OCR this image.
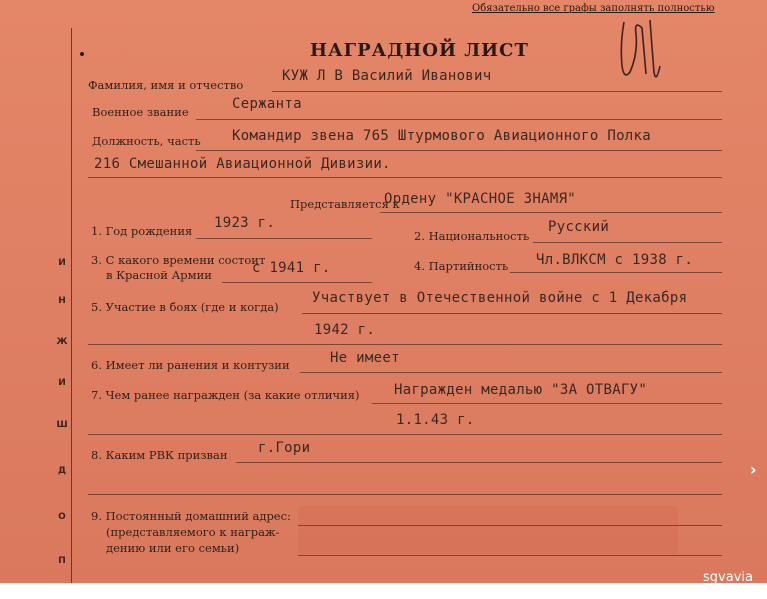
И
Н
Ж
И
Ш
Д
О
П
Обязательно все графы заполнять полностью
НАГРАДНОЙ ЛИСТ
Фамилия, имя и отчество
КУЖ Л В Василий Иванович
Военное звание	Сержанта
Должность, часть Командир звена 765 Штурмового Авиационного Полка
216 Смешанной Авиационной Дивизии.
Представляется к
Ордену "КРАСНОЕ ЗНАМЯ"
1. Год рождения 1923 г.
2. Национальность
Русский
3. С какого времени состоит
в Красной Армии	с 1941 г.	4. Партийность Чл.ВЛКСМ с 1938 г.
5. Участие в боях (где и когда)
Участвует в Отечественной войне с 1 Декабря
1942 г.
6. Имеет ли ранения и контузии	Не имеет
7. Чем ранее награжден (за какие отличия) Награжден медалью "ЗА ОТВАГУ"
1.1.43 г.
8. Каким РВК призван г.Гори
9. Постоянный домашний адрес:
(представляемого к награж-
дению или его семьи)
›
sgvavia
